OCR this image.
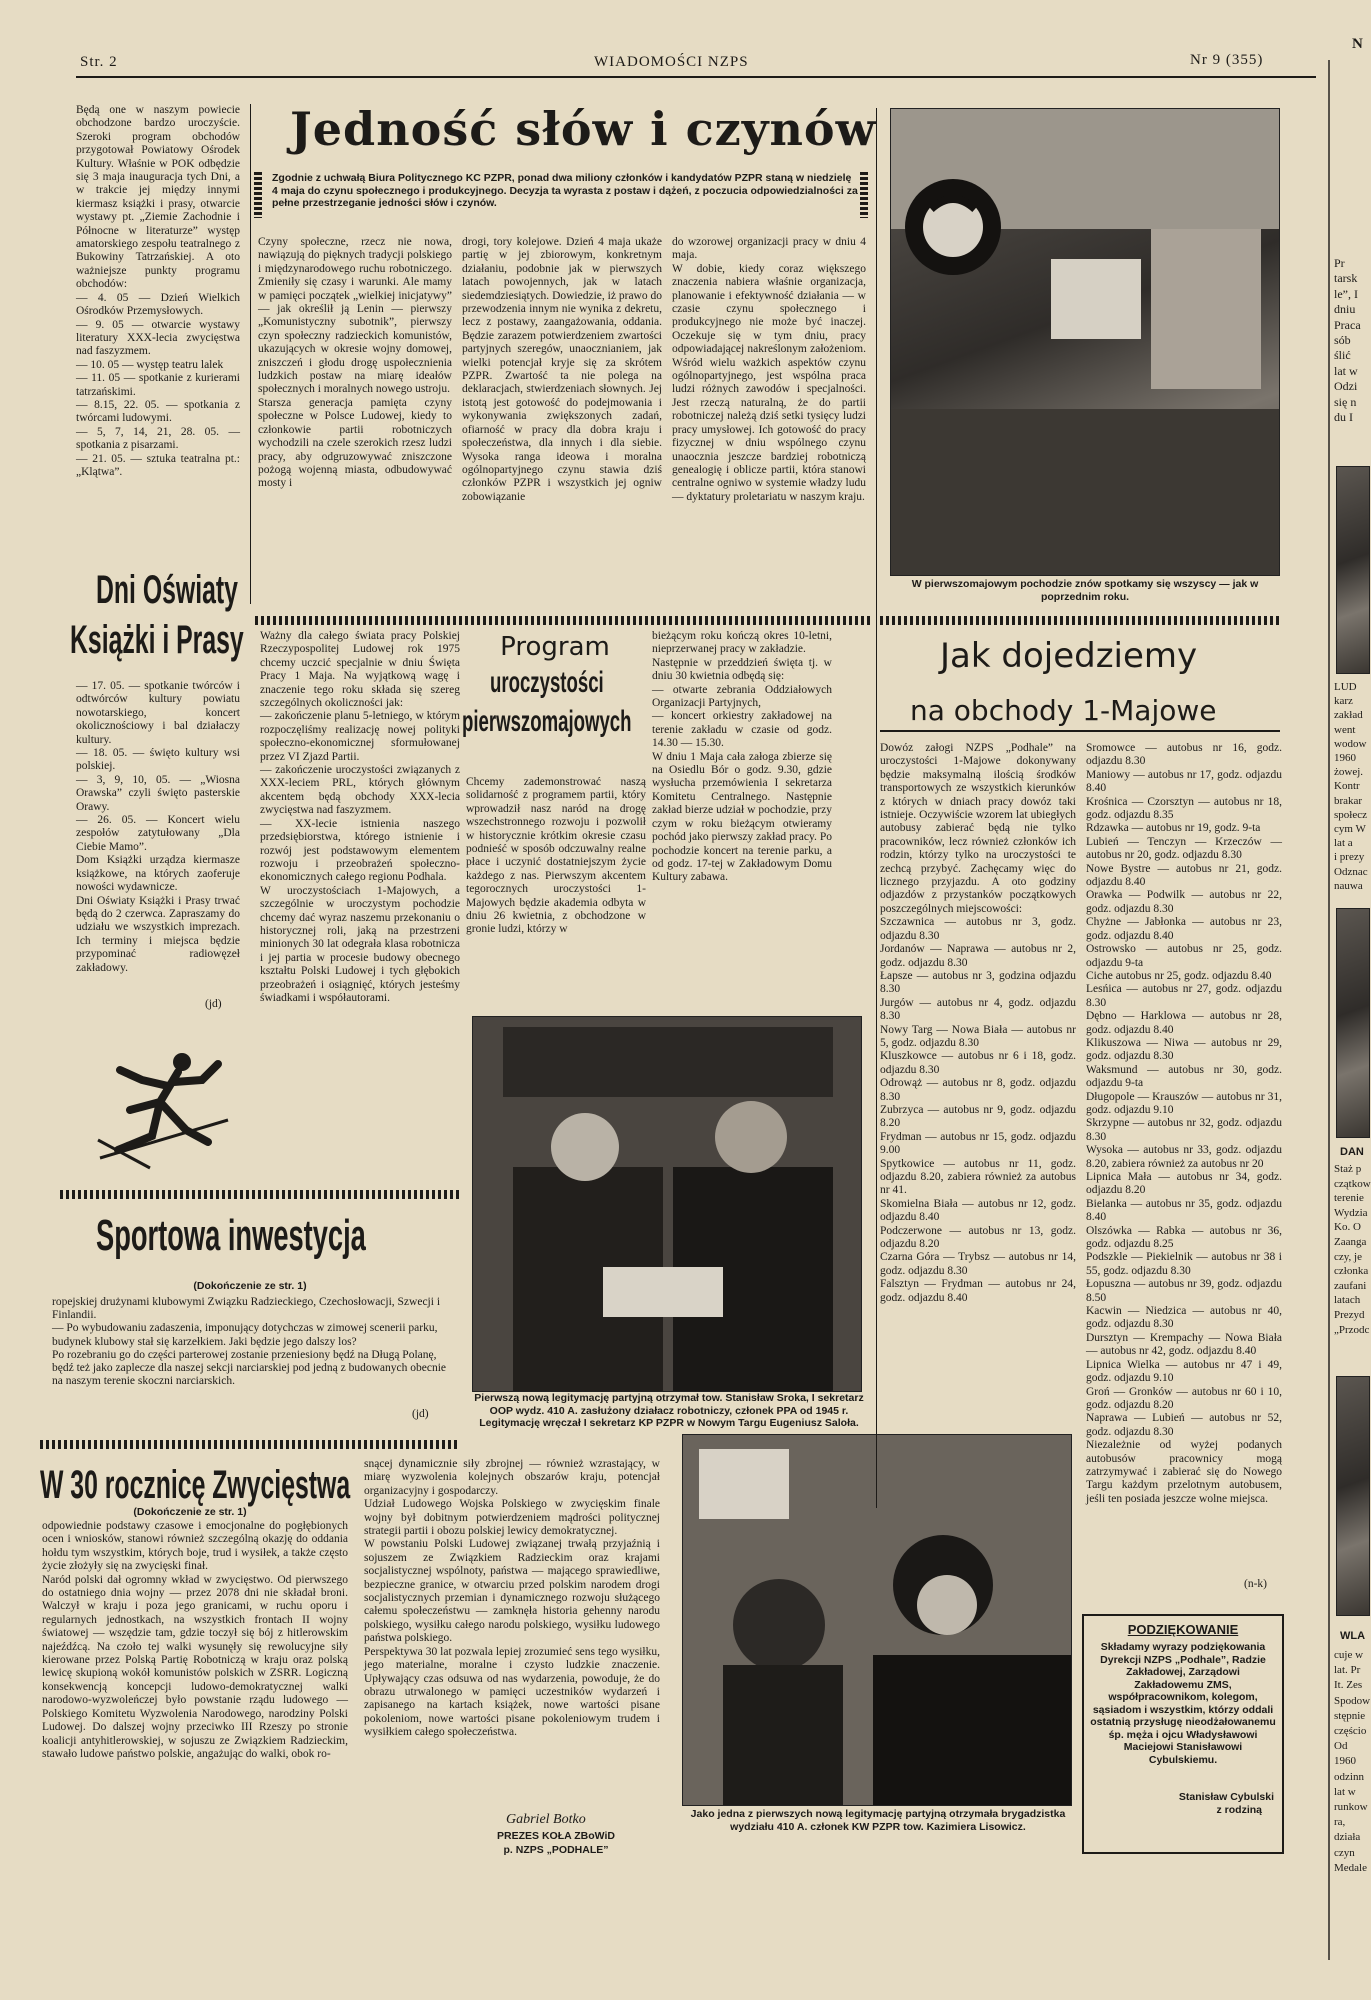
Str. 2	WIADOMOŚCI NZPS	Nr 9 (355)
N
Będą one w naszym powiecie obchodzone bardzo uroczyście. Szeroki program obchodów przygotował Powiatowy Ośrodek Kultury. Właśnie w POK odbędzie się 3 maja inauguracja tych Dni, a w trakcie jej między innymi kiermasz książki i prasy, otwarcie wystawy pt. „Ziemie Zachodnie i Północne w literaturze” występ amatorskiego zespołu teatralnego z Bukowiny Tatrzańskiej. A oto ważniejsze punkty programu obchodów:
— 4. 05 — Dzień Wielkich Ośrodków Przemysłowych.
— 9. 05 — otwarcie wystawy literatury XXX-lecia zwycięstwa nad faszyzmem.
— 10. 05 — występ teatru lalek
— 11. 05 — spotkanie z kurierami tatrzańskimi.
— 8.15, 22. 05. — spotkania z twórcami ludowymi.
— 5, 7, 14, 21, 28. 05. — spotkania z pisarzami.
— 21. 05. — sztuka teatralna pt.: „Klątwa”.
Dni Oświaty
Książki i Prasy
— 17. 05. — spotkanie twórców i odtwórców kultury powiatu nowotarskiego, koncert okolicznościowy i bal działaczy kultury.
— 18. 05. — święto kultury wsi polskiej.
— 3, 9, 10, 05. — „Wiosna Orawska” czyli święto pasterskie Orawy.
— 26. 05. — Koncert wielu zespołów zatytułowany „Dla Ciebie Mamo”.
Dom Książki urządza kiermasze książkowe, na których zaoferuje nowości wydawnicze.
Dni Oświaty Książki i Prasy trwać będą do 2 czerwca. Zapraszamy do udziału we wszystkich imprezach. Ich terminy i miejsca będzie przypominać radiowęzeł zakładowy.
(jd)
Jedność słów i czynów
Zgodnie z uchwałą Biura Politycznego KC PZPR, ponad dwa miliony członków i kandydatów PZPR staną w niedzielę 4 maja do czynu społecznego i produkcyjnego. Decyzja ta wyrasta z postaw i dążeń, z poczucia odpowiedzialności za pełne przestrzeganie jedności słów i czynów.
Czyny społeczne, rzecz nie nowa, nawiązują do pięknych tradycji polskiego i międzynarodowego ruchu robotniczego. Zmieniły się czasy i warunki. Ale mamy w pamięci początek „wielkiej inicjatywy” — jak określił ją Lenin — pierwszy „Komunistyczny subotnik”, pierwszy czyn społeczny radzieckich komunistów, ukazujących w okresie wojny domowej, zniszczeń i głodu drogę uspołecznienia ludzkich postaw na miarę ideałów społecznych i moralnych nowego ustroju.
Starsza generacja pamięta czyny społeczne w Polsce Ludowej, kiedy to członkowie partii robotniczych wychodzili na czele szerokich rzesz ludzi pracy, aby odgruzowywać zniszczone pożogą wojenną miasta, odbudowywać mosty i
drogi, tory kolejowe. Dzień 4 maja ukaże partię w jej zbiorowym, konkretnym działaniu, podobnie jak w pierwszych latach powojennych, jak w latach siedemdziesiątych. Dowiedzie, iż prawo do przewodzenia innym nie wynika z dekretu, lecz z postawy, zaangażowania, oddania. Będzie zarazem potwierdzeniem zwartości partyjnych szeregów, unaocznianiem, jak wielki potencjał kryje się za skrótem PZPR. Zwartość ta nie polega na deklaracjach, stwierdzeniach słownych. Jej istotą jest gotowość do podejmowania i wykonywania zwiększonych zadań, ofiarność w pracy dla dobra kraju i społeczeństwa, dla innych i dla siebie. Wysoka ranga ideowa i moralna ogólnopartyjnego czynu stawia dziś członków PZPR i wszystkich jej ogniw zobowiązanie
do wzorowej organizacji pracy w dniu 4 maja.
W dobie, kiedy coraz większego znaczenia nabiera właśnie organizacja, planowanie i efektywność działania — w czasie czynu społecznego i produkcyjnego nie może być inaczej. Oczekuje się w tym dniu, pracy odpowiadającej nakreślonym założeniom. Wśród wielu ważkich aspektów czynu ogólnopartyjnego, jest wspólna praca ludzi różnych zawodów i specjalności. Jest rzeczą naturalną, że do partii robotniczej należą dziś setki tysięcy ludzi pracy umysłowej. Ich gotowość do pracy fizycznej w dniu wspólnego czynu unaocznia jeszcze bardziej robotniczą genealogię i oblicze partii, która stanowi centralne ogniwo w systemie władzy ludu — dyktatury proletariatu w naszym kraju.
W pierwszomajowym pochodzie znów spotkamy się wszyscy — jak w poprzednim roku.
Ważny dla całego świata pracy Polskiej Rzeczypospolitej Ludowej rok 1975 chcemy uczcić specjalnie w dniu Święta Pracy 1 Maja. Na wyjątkową wagę i znaczenie tego roku składa się szereg szczególnych okoliczności jak:
— zakończenie planu 5-letniego, w którym rozpoczęliśmy realizację nowej polityki społeczno-ekonomicznej sformułowanej przez VI Zjazd Partii.
— zakończenie uroczystości związanych z XXX-leciem PRL, których głównym akcentem będą obchody XXX-lecia zwycięstwa nad faszyzmem.
— XX-lecie istnienia naszego przedsiębiorstwa, którego istnienie i rozwój jest podstawowym elementem rozwoju i przeobrażeń społeczno-ekonomicznych całego regionu Podhala.
W uroczystościach 1-Majowych, a szczególnie w uroczystym pochodzie chcemy dać wyraz naszemu przekonaniu o historycznej roli, jaką na przestrzeni minionych 30 lat odegrała klasa robotnicza i jej partia w procesie budowy obecnego kształtu Polski Ludowej i tych głębokich przeobrażeń i osiągnięć, których jesteśmy świadkami i współautorami.
Program
uroczystości
pierwszomajowych
Chcemy zademonstrować naszą solidarność z programem partii, który wprowadził nasz naród na drogę wszechstronnego rozwoju i pozwolił w historycznie krótkim okresie czasu podnieść w sposób odczuwalny realne płace i uczynić dostatniejszym życie każdego z nas. Pierwszym akcentem tegorocznych uroczystości 1-Majowych będzie akademia odbyta w dniu 26 kwietnia, z obchodzone w gronie ludzi, którzy w
bieżącym roku kończą okres 10-letni, nieprzerwanej pracy w zakładzie.
Następnie w przeddzień święta tj. w dniu 30 kwietnia odbędą się:
— otwarte zebrania Oddziałowych Organizacji Partyjnych,
— koncert orkiestry zakładowej na terenie zakładu w czasie od godz. 14.30 — 15.30.
W dniu 1 Maja cała załoga zbierze się na Osiedlu Bór o godz. 9.30, gdzie wysłucha przemówienia I sekretarza Komitetu Centralnego. Następnie zakład bierze udział w pochodzie, przy czym w roku bieżącym otwieramy pochód jako pierwszy zakład pracy. Po pochodzie koncert na terenie parku, a od godz. 17-tej w Zakładowym Domu Kultury zabawa.
Pierwszą nową legitymację partyjną otrzymał tow. Stanisław Sroka, I sekretarz OOP wydz. 410 A. zasłużony działacz robotniczy, członek PPA od 1945 r. Legitymację wręczał I sekretarz KP PZPR w Nowym Targu Eugeniusz Saloła.
Jak dojedziemy
na obchody 1-Majowe
Dowóz załogi NZPS „Podhale” na uroczystości 1-Majowe dokonywany będzie maksymalną ilością środków transportowych ze wszystkich kierunków z których w dniach pracy dowóz taki istnieje. Oczywiście wzorem lat ubiegłych autobusy zabierać będą nie tylko pracowników, lecz również członków ich rodzin, którzy tylko na uroczystości te zechcą przybyć. Zachęcamy więc do licznego przyjazdu. A oto godziny odjazdów z przystanków początkowych poszczególnych miejscowości:
Szczawnica — autobus nr 3, godz. odjazdu 8.30
Jordanów — Naprawa — autobus nr 2, godz. odjazdu 8.30
Łapsze — autobus nr 3, godzina odjazdu 8.30
Jurgów — autobus nr 4, godz. odjazdu 8.30
Nowy Targ — Nowa Biała — autobus nr 5, godz. odjazdu 8.30
Kluszkowce — autobus nr 6 i 18, godz. odjazdu 8.30
Odrowąż — autobus nr 8, godz. odjazdu 8.30
Zubrzyca — autobus nr 9, godz. odjazdu 8.20
Frydman — autobus nr 15, godz. odjazdu 9.00
Spytkowice — autobus nr 11, godz. odjazdu 8.20, zabiera również za autobus nr 41.
Skomielna Biała — autobus nr 12, godz. odjazdu 8.40
Podczerwone — autobus nr 13, godz. odjazdu 8.20
Czarna Góra — Trybsz — autobus nr 14, godz. odjazdu 8.30
Falsztyn — Frydman — autobus nr 24, godz. odjazdu 8.40
Sromowce — autobus nr 16, godz. odjazdu 8.30
Maniowy — autobus nr 17, godz. odjazdu 8.40
Krośnica — Czorsztyn — autobus nr 18, godz. odjazdu 8.35
Rdzawka — autobus nr 19, godz. 9-ta
Lubień — Tenczyn — Krzeczów — autobus nr 20, godz. odjazdu 8.30
Nowe Bystre — autobus nr 21, godz. odjazdu 8.40
Orawka — Podwilk — autobus nr 22, godz. odjazdu 8.30
Chyżne — Jabłonka — autobus nr 23, godz. odjazdu 8.40
Ostrowsko — autobus nr 25, godz. odjazdu 9-ta
Ciche autobus nr 25, godz. odjazdu 8.40
Lesńica — autobus nr 27, godz. odjazdu 8.30
Dębno — Harklowa — autobus nr 28, godz. odjazdu 8.40
Klikuszowa — Niwa — autobus nr 29, godz. odjazdu 8.30
Waksmund — autobus nr 30, godz. odjazdu 9-ta
Długopole — Krauszów — autobus nr 31, godz. odjazdu 9.10
Skrzypne — autobus nr 32, godz. odjazdu 8.30
Wysoka — autobus nr 33, godz. odjazdu 8.20, zabiera również za autobus nr 20
Lipnica Mała — autobus nr 34, godz. odjazdu 8.20
Bielanka — autobus nr 35, godz. odjazdu 8.40
Olszówka — Rabka — autobus nr 36, godz. odjazdu 8.25
Podszkle — Piekielnik — autobus nr 38 i 55, godz. odjazdu 8.30
Łopuszna — autobus nr 39, godz. odjazdu 8.50
Kacwin — Niedzica — autobus nr 40, godz. odjazdu 8.30
Dursztyn — Krempachy — Nowa Biała — autobus nr 42, godz. odjazdu 8.40
Lipnica Wielka — autobus nr 47 i 49, godz. odjazdu 9.10
Groń — Gronków — autobus nr 60 i 10, godz. odjazdu 8.20
Naprawa — Lubień — autobus nr 52, godz. odjazdu 8.30
Niezależnie od wyżej podanych autobusów pracownicy mogą zatrzymywać i zabierać się do Nowego Targu każdym przelotnym autobusem, jeśli ten posiada jeszcze wolne miejsca.
(n-k)
Sportowa inwestycja
(Dokończenie ze str. 1)
ropejskiej drużynami klubowymi Związku Radzieckiego, Czechosłowacji, Szwecji i Finlandii.
— Po wybudowaniu zadaszenia, imponujący dotychczas w zimowej scenerii parku, budynek klubowy stał się karzełkiem. Jaki będzie jego dalszy los?
Po rozebraniu go do części parterowej zostanie przeniesiony będź na Długą Polanę, będź też jako zaplecze dla naszej sekcji narciarskiej pod jedną z budowanych obecnie na naszym terenie skoczni narciarskich.
(jd)
W 30 rocznicę Zwycięstwa
(Dokończenie ze str. 1)
odpowiednie podstawy czasowe i emocjonalne do pogłębionych ocen i wniosków, stanowi również szczególną okazję do oddania hołdu tym wszystkim, których boje, trud i wysiłek, a także często życie złożyły się na zwycięski finał.
Naród polski dał ogromny wkład w zwycięstwo. Od pierwszego do ostatniego dnia wojny — przez 2078 dni nie składał broni. Walczył w kraju i poza jego granicami, w ruchu oporu i regularnych jednostkach, na wszystkich frontach II wojny światowej — wszędzie tam, gdzie toczył się bój z hitlerowskim najeźdźcą. Na czoło tej walki wysunęły się rewolucyjne siły kierowane przez Polską Partię Robotniczą w kraju oraz polską lewicę skupioną wokół komunistów polskich w ZSRR. Logiczną konsekwencją koncepcji ludowo-demokratycznej walki narodowo-wyzwoleńczej było powstanie rządu ludowego — Polskiego Komitetu Wyzwolenia Narodowego, narodziny Polski Ludowej. Do dalszej wojny przeciwko III Rzeszy po stronie koalicji antyhitlerowskiej, w sojuszu ze Związkiem Radzieckim, stawało ludowe państwo polskie, angażując do walki, obok ro-
snącej dynamicznie siły zbrojnej — również wzrastający, w miarę wyzwolenia kolejnych obszarów kraju, potencjał organizacyjny i gospodarczy.
Udział Ludowego Wojska Polskiego w zwycięskim finale wojny był dobitnym potwierdzeniem mądrości politycznej strategii partii i obozu polskiej lewicy demokratycznej.
W powstaniu Polski Ludowej związanej trwałą przyjaźnią i sojuszem ze Związkiem Radzieckim oraz krajami socjalistycznej wspólnoty, państwa — mającego sprawiedliwe, bezpieczne granice, w otwarciu przed polskim narodem drogi socjalistycznych przemian i dynamicznego rozwoju służącego całemu społeczeństwu — zamknęła historia gehenny narodu polskiego, wysiłku całego narodu polskiego, wysiłku ludowego państwa polskiego.
Perspektywa 30 lat pozwala lepiej zrozumieć sens tego wysiłku, jego materialne, moralne i czysto ludzkie znaczenie. Upływający czas odsuwa od nas wydarzenia, powoduje, że do obrazu utrwalonego w pamięci uczestników wydarzeń i zapisanego na kartach książek, nowe wartości pisane pokoleniom, nowe wartości pisane pokoleniowym trudem i wysiłkiem całego społeczeństwa.
Gabriel Botko
PREZES KOŁA ZBoWiD
p. NZPS „PODHALE”
Jako jedna z pierwszych nową legitymację partyjną otrzymała brygadzistka wydziału 410 A. członek KW PZPR tow. Kazimiera Lisowicz.
PODZIĘKOWANIE
Składamy wyrazy podziękowania Dyrekcji NZPS „Podhale”, Radzie Zakładowej, Zarządowi Zakładowemu ZMS, współpracownikom, kolegom, sąsiadom i wszystkim, którzy oddali ostatnią przysługę nieodżałowanemu śp. męża i ojcu Władysławowi Maciejowi Stanisławowi Cybulskiemu.
Stanisław Cybulski
z rodziną
Pr
tarsk
le”, I
dniu
Praca
sób
ślić
lat w
Odzi
się n
du I
LUD
karz
zakład
went
wodow
1960
żowej.
Kontr
brakar
społecz
cym W
lat a
i prezy
Odznac
nauwa
DAN
Staż p
czątkow
terenie
Wydzia
Ko. O
Zaanga
czy, je
członka
zaufani
latach
Prezyd
„Przodc
WLA
cuje w
lat. Pr
It. Zes
Spodow
stępnie
częścio
Od 1960
odzinn
lat w
runkow
ra, działa
czyn
Medale
